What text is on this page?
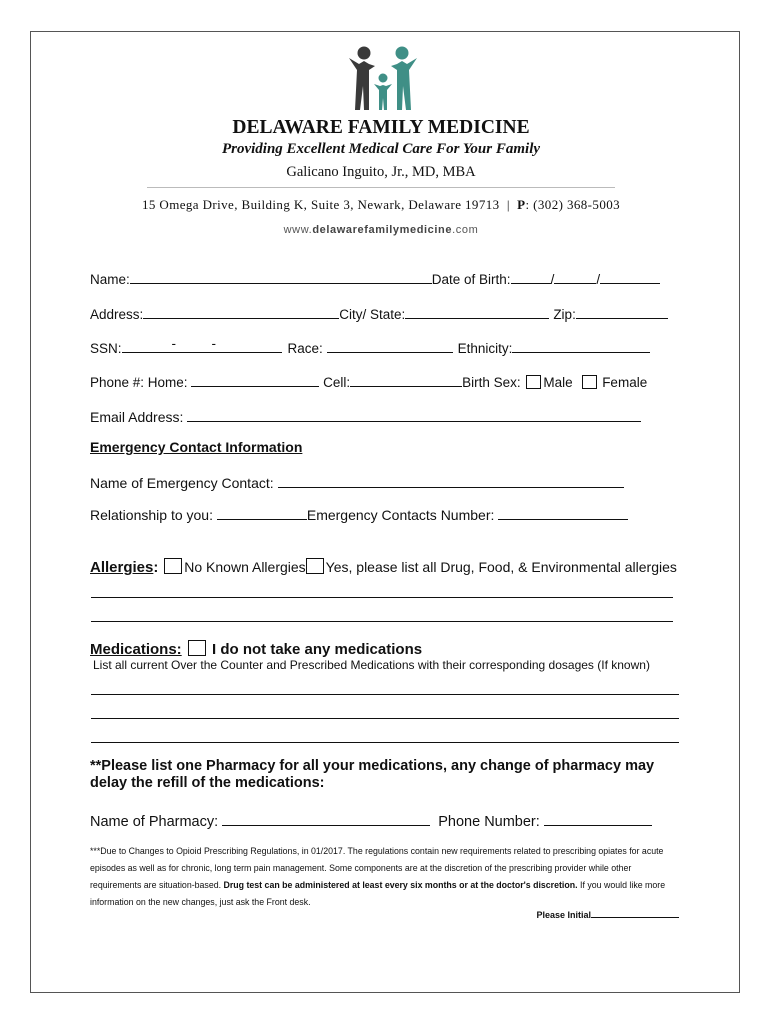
DELAWARE FAMILY MEDICINE
Providing Excellent Medical Care For Your Family
Galicano Inguito, Jr., MD, MBA
15 Omega Drive, Building K, Suite 3, Newark, Delaware 19713  |  P: (302) 368-5003
www.delawarefamilymedicine.com
Name:	Date of Birth:	/	/
Address:	City/ State:	Zip:
SSN:	-	-	Race:	Ethnicity:
Phone #: Home:	Cell:	Birth Sex: Male Female
Email Address:
Emergency Contact Information
Name of Emergency Contact:
Relationship to you:	Emergency Contacts Number:
Allergies: No Known Allergies Yes, please list all Drug, Food, & Environmental allergies
Medications: I do not take any medications
List all current Over the Counter and Prescribed Medications with their corresponding dosages (If known)
**Please list one Pharmacy for all your medications, any change of pharmacy may delay the refill of the medications:
Name of Pharmacy:	Phone Number:
***Due to Changes to Opioid Prescribing Regulations, in 01/2017. The regulations contain new requirements related to prescribing opiates for acute episodes as well as for chronic, long term pain management. Some components are at the discretion of the prescribing provider while other requirements are situation-based. Drug test can be administered at least every six months or at the doctor's discretion. If you would like more information on the new changes, just ask the Front desk.
Please Initial
